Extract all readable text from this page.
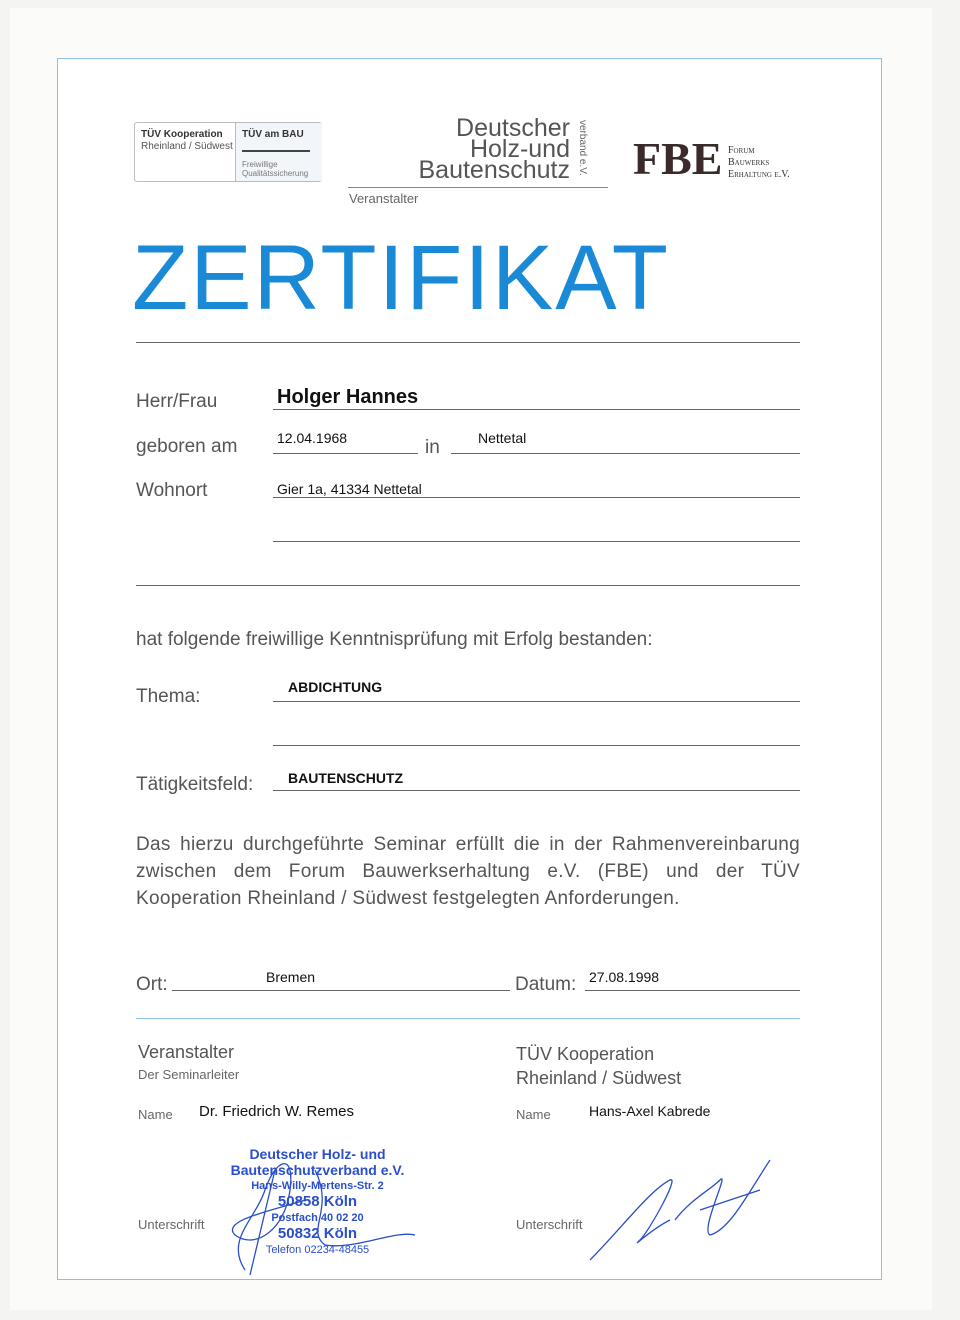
TÜV Kooperation
Rheinland / Südwest
TÜV am BAU
Freiwillige
Qualitätssicherung
Deutscher
Holz-und
Bautenschutz verband e.V.
Veranstalter
FBE Forum
Bauwerks
Erhaltung e.V.
ZERTIFIKAT
Herr/Frau	Holger Hannes
geboren am	12.04.1968	in	Nettetal
Wohnort	Gier 1a, 41334 Nettetal
hat folgende freiwillige Kenntnisprüfung mit Erfolg bestanden:
Thema:	ABDICHTUNG
Tätigkeitsfeld: BAUTENSCHUTZ
Das hierzu durchgeführte Seminar erfüllt die in der Rahmenvereinbarung zwischen dem Forum Bauwerkserhaltung e.V. (FBE) und der TÜV Kooperation Rheinland / Südwest festgelegten Anforderungen.
Ort:	Bremen	Datum: 27.08.1998
Veranstalter
Der Seminarleiter
Name Dr. Friedrich W. Remes
Unterschrift
Deutscher Holz- und
Bautenschutzverband e.V.
Hans-Willy-Mertens-Str. 2
50858 Köln
Postfach 40 02 20
50832 Köln
Telefon 02234-48455
TÜV Kooperation
Rheinland / Südwest
Name	Hans-Axel Kabrede
Unterschrift
